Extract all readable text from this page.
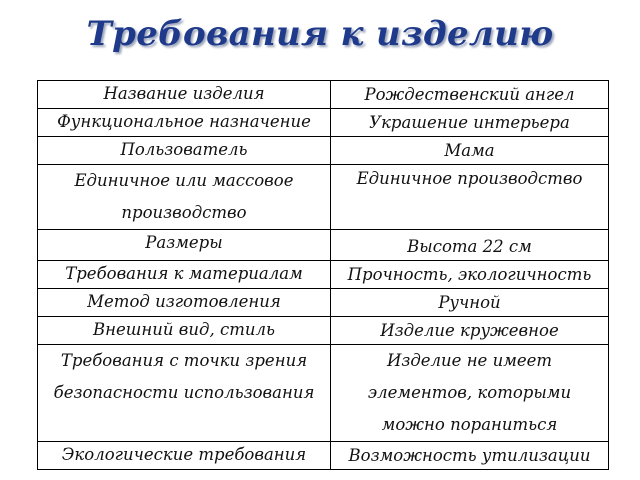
Требования к изделию
Название изделия	Рождественский ангел
Функциональное назначение	Украшение интерьера
Пользователь	Мама
Единичное или массовое производство	Единичное производство
Размеры	Высота 22 см
Требования к материалам	Прочность, экологичность
Метод изготовления	Ручной
Внешний вид, стиль	Изделие кружевное
Требования с точки зрения безопасности использования	Изделие не имеет элементов, которыми можно пораниться
Экологические требования	Возможность утилизации
